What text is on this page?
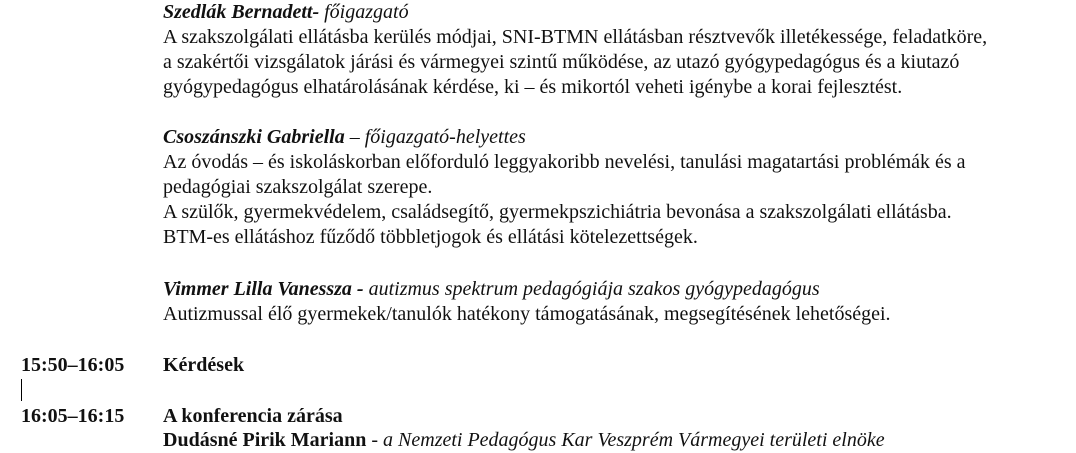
Szedlák Bernadett- főigazgató
A szakszolgálati ellátásba kerülés módjai, SNI-BTMN ellátásban résztvevők illetékessége, feladatköre,
a szakértői vizsgálatok járási és vármegyei szintű működése, az utazó gyógypedagógus és a kiutazó
gyógypedagógus elhatárolásának kérdése, ki – és mikortól veheti igénybe a korai fejlesztést.
Csoszánszki Gabriella – főigazgató-helyettes
Az óvodás – és iskoláskorban előforduló leggyakoribb nevelési, tanulási magatartási problémák és a
pedagógiai szakszolgálat szerepe.
A szülők, gyermekvédelem, családsegítő, gyermekpszichiátria bevonása a szakszolgálati ellátásba.
BTM-es ellátáshoz fűződő többletjogok és ellátási kötelezettségek.
Vimmer Lilla Vanessza - autizmus spektrum pedagógiája szakos gyógypedagógus
Autizmussal élő gyermekek/tanulók hatékony támogatásának, megsegítésének lehetőségei.
15:50–16:05 Kérdések
16:05–16:15 A konferencia zárása
Dudásné Pirik Mariann - a Nemzeti Pedagógus Kar Veszprém Vármegyei területi elnöke
